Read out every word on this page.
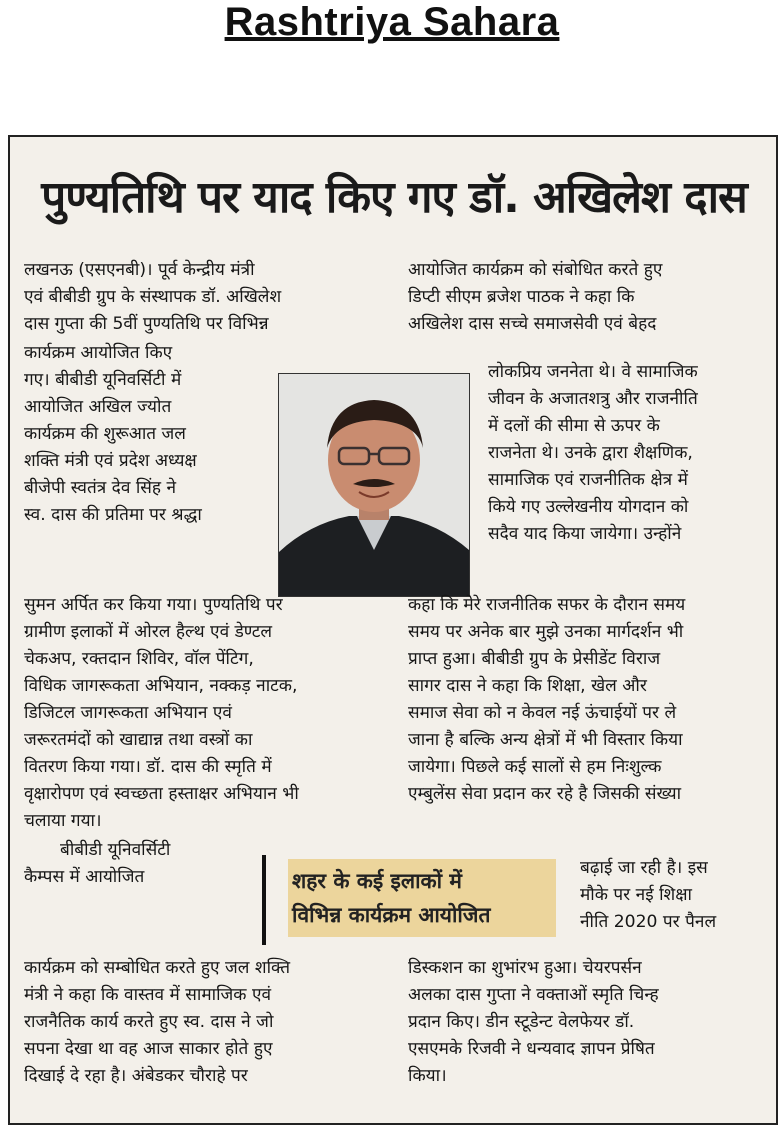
Rashtriya Sahara
पुण्यतिथि पर याद किए गए डॉ. अखिलेश दास
लखनऊ (एसएनबी)। पूर्व केन्द्रीय मंत्री
एवं बीबीडी ग्रुप के संस्थापक डॉ. अखिलेश
दास गुप्ता की 5वीं पुण्यतिथि पर विभिन्न
कार्यक्रम आयोजित किए
गए। बीबीडी यूनिवर्सिटी में
आयोजित अखिल ज्योत
कार्यक्रम की शुरूआत जल
शक्ति मंत्री एवं प्रदेश अध्यक्ष
बीजेपी स्वतंत्र देव सिंह ने
स्व. दास की प्रतिमा पर श्रद्धा
सुमन अर्पित कर किया गया। पुण्यतिथि पर
ग्रामीण इलाकों में ओरल हैल्थ एवं डेण्टल
चेकअप, रक्तदान शिविर, वॉल पेंटिग,
विधिक जागरूकता अभियान, नक्कड़ नाटक,
डिजिटल जागरूकता अभियान एवं
जरूरतमंदों को खाद्यान्न तथा वस्त्रों का
वितरण किया गया। डॉ. दास की स्मृति में
वृक्षारोपण एवं स्वच्छता हस्ताक्षर अभियान भी
चलाया गया।
बीबीडी यूनिवर्सिटी
कैम्पस में आयोजित
कार्यक्रम को सम्बोधित करते हुए जल शक्ति
मंत्री ने कहा कि वास्तव में सामाजिक एवं
राजनैतिक कार्य करते हुए स्व. दास ने जो
सपना देखा था वह आज साकार होते हुए
दिखाई दे रहा है। अंबेडकर चौराहे पर
आयोजित कार्यक्रम को संबोधित करते हुए
डिप्टी सीएम ब्रजेश पाठक ने कहा कि
अखिलेश दास सच्चे समाजसेवी एवं बेहद
लोकप्रिय जननेता थे। वे सामाजिक
जीवन के अजातशत्रु और राजनीति
में दलों की सीमा से ऊपर के
राजनेता थे। उनके द्वारा शैक्षणिक,
सामाजिक एवं राजनीतिक क्षेत्र में
किये गए उल्लेखनीय योगदान को
सदैव याद किया जायेगा। उन्होंने
कहा कि मेरे राजनीतिक सफर के दौरान समय
समय पर अनेक बार मुझे उनका मार्गदर्शन भी
प्राप्त हुआ। बीबीडी ग्रुप के प्रेसीडेंट विराज
सागर दास ने कहा कि शिक्षा, खेल और
समाज सेवा को न केवल नई ऊंचाईयों पर ले
जाना है बल्कि अन्य क्षेत्रों में भी विस्तार किया
जायेगा। पिछले कई सालों से हम निःशुल्क
एम्बुलेंस सेवा प्रदान कर रहे है जिसकी संख्या
बढ़ाई जा रही है। इस
मौके पर नई शिक्षा
नीति 2020 पर पैनल
डिस्कशन का शुभांरभ हुआ। चेयरपर्सन
अलका दास गुप्ता ने वक्ताओं स्मृति चिन्ह
प्रदान किए। डीन स्टूडेन्ट वेलफेयर डॉ.
एसएमके रिजवी ने धन्यवाद ज्ञापन प्रेषित
किया।
शहर के कई इलाकों में
विभिन्न कार्यक्रम आयोजित
